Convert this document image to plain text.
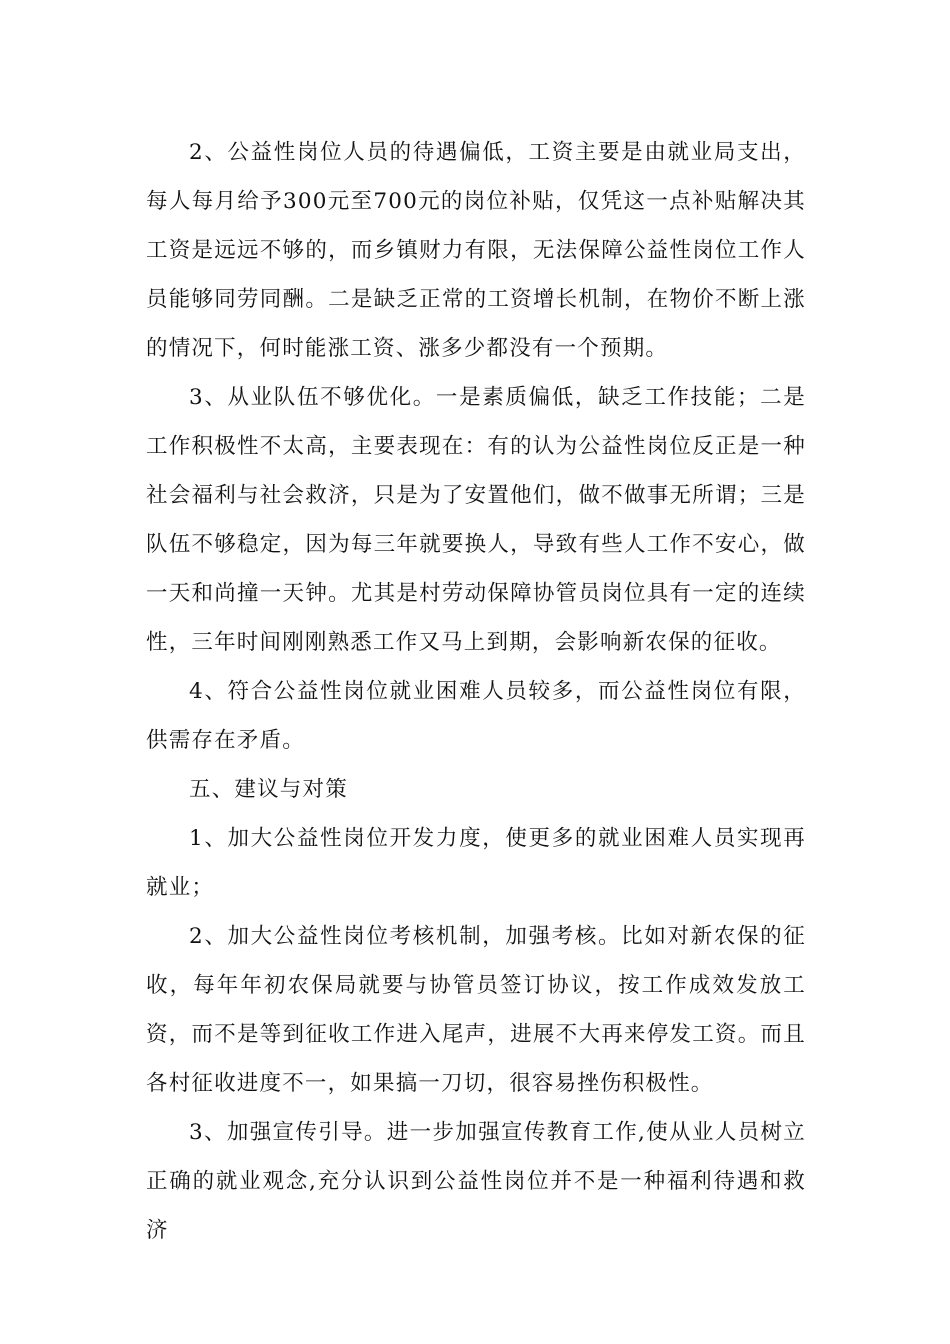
2、公益性岗位人员的待遇偏低，工资主要是由就业局支出，每人每月给予300元至700元的岗位补贴，仅凭这一点补贴解决其工资是远远不够的，而乡镇财力有限，无法保障公益性岗位工作人员能够同劳同酬。二是缺乏正常的工资增长机制，在物价不断上涨的情况下，何时能涨工资、涨多少都没有一个预期。

3、从业队伍不够优化。一是素质偏低，缺乏工作技能；二是工作积极性不太高，主要表现在：有的认为公益性岗位反正是一种社会福利与社会救济，只是为了安置他们，做不做事无所谓；三是队伍不够稳定，因为每三年就要换人，导致有些人工作不安心，做一天和尚撞一天钟。尤其是村劳动保障协管员岗位具有一定的连续性，三年时间刚刚熟悉工作又马上到期，会影响新农保的征收。

4、符合公益性岗位就业困难人员较多，而公益性岗位有限，供需存在矛盾。

五、建议与对策

1、加大公益性岗位开发力度，使更多的就业困难人员实现再就业；

2、加大公益性岗位考核机制，加强考核。比如对新农保的征收，每年年初农保局就要与协管员签订协议，按工作成效发放工资，而不是等到征收工作进入尾声，进展不大再来停发工资。而且各村征收进度不一，如果搞一刀切，很容易挫伤积极性。

3、加强宣传引导。进一步加强宣传教育工作,使从业人员树立正确的就业观念,充分认识到公益性岗位并不是一种福利待遇和救济
